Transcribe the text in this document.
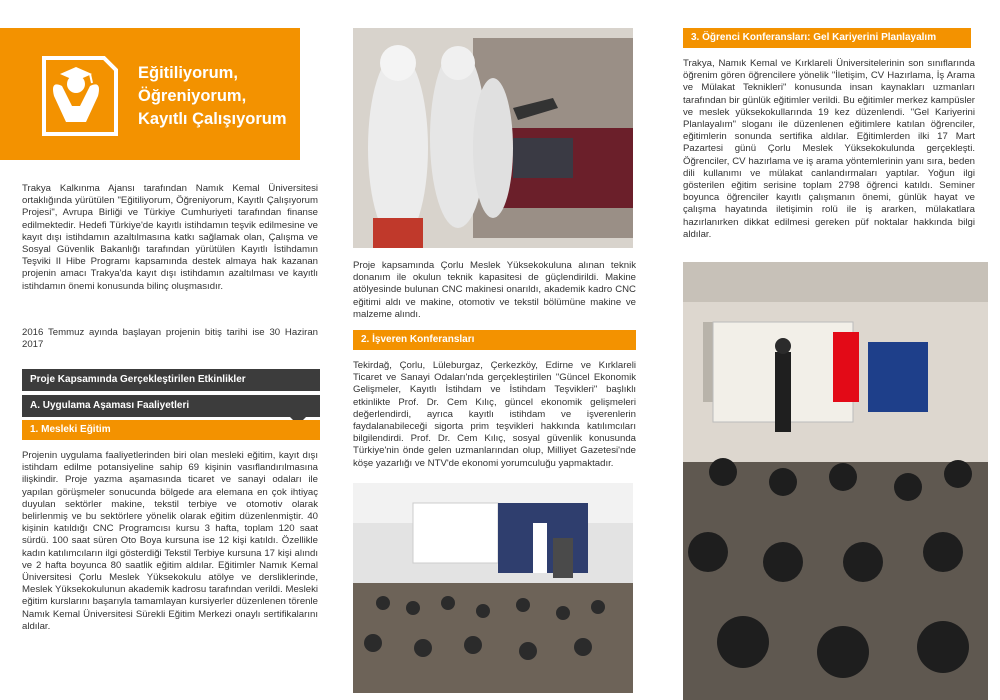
Eğitiliyorum,
Öğreniyorum,
Kayıtlı Çalışıyorum

Trakya Kalkınma Ajansı tarafından Namık Kemal Üniversitesi ortaklığında yürütülen "Eğitiliyorum, Öğreniyorum, Kayıtlı Çalışıyorum Projesi", Avrupa Birliği ve Türkiye Cumhuriyeti tarafından finanse edilmektedir. Hedefi Türkiye'de kayıtlı istihdamın teşvik edilmesine ve kayıt dışı istihdamın azaltılmasına katkı sağlamak olan, Çalışma ve Sosyal Güvenlik Bakanlığı tarafından yürütülen Kayıtlı İstihdamın Teşviki II Hibe Programı kapsamında destek almaya hak kazanan projenin amacı Trakya'da kayıt dışı istihdamın azaltılması ve kayıtlı istihdamın önemi konusunda bilinç oluşmasıdır.

2016 Temmuz ayında başlayan projenin bitiş tarihi ise 30 Haziran 2017

Proje Kapsamında Gerçekleştirilen Etkinlikler
A. Uygulama Aşaması Faaliyetleri
1. Mesleki Eğitim

Projenin uygulama faaliyetlerinden biri olan mesleki eğitim, kayıt dışı istihdam edilme potansiyeline sahip 69 kişinin vasıflandırılmasına ilişkindir. Proje yazma aşamasında ticaret ve sanayi odaları ile yapılan görüşmeler sonucunda bölgede ara elemana en çok ihtiyaç duyulan sektörler makine, tekstil terbiye ve otomotiv olarak belirlenmiş ve bu sektörlere yönelik olarak eğitim düzenlenmiştir. 40 kişinin katıldığı CNC Programcısı kursu 3 hafta, toplam 120 saat sürdü. 100 saat süren Oto Boya kursuna ise 12 kişi katıldı. Özellikle kadın katılımcıların ilgi gösterdiği Tekstil Terbiye kursuna 17 kişi alındı ve 2 hafta boyunca 80 saatlik eğitim aldılar. Eğitimler Namık Kemal Üniversitesi Çorlu Meslek Yüksekokulu atölye ve dersliklerinde, Meslek Yüksekokulunun akademik kadrosu tarafından verildi. Mesleki eğitim kurslarını başarıyla tamamlayan kursiyerler düzenlenen törenle Namık Kemal Üniversitesi Sürekli Eğitim Merkezi onaylı sertifikalarını aldılar.

Proje kapsamında Çorlu Meslek Yüksekokuluna alınan teknik donanım ile okulun teknik kapasitesi de güçlendirildi. Makine atölyesinde bulunan CNC makinesi onarıldı, akademik kadro CNC eğitimi aldı ve makine, otomotiv ve tekstil bölümüne makine ve malzeme alındı.

2. İşveren Konferansları

Tekirdağ, Çorlu, Lüleburgaz, Çerkezköy, Edirne ve Kırklareli Ticaret ve Sanayi Odaları'nda gerçekleştirilen "Güncel Ekonomik Gelişmeler, Kayıtlı İstihdam ve İstihdam Teşvikleri" başlıklı etkinlikte Prof. Dr. Cem Kılıç, güncel ekonomik gelişmeleri değerlendirdi, ayrıca kayıtlı istihdam ve işverenlerin faydalanabileceği sigorta prim teşvikleri hakkında katılımcıları bilgilendirdi. Prof. Dr. Cem Kılıç, sosyal güvenlik konusunda Türkiye'nin önde gelen uzmanlarından olup, Milliyet Gazetesi'nde köşe yazarlığı ve NTV'de ekonomi yorumculuğu yapmaktadır.

3. Öğrenci Konferansları: Gel Kariyerini Planlayalım

Trakya, Namık Kemal ve Kırklareli Üniversitelerinin son sınıflarında öğrenim gören öğrencilere yönelik "İletişim, CV Hazırlama, İş Arama ve Mülakat Teknikleri" konusunda insan kaynakları uzmanları tarafından bir günlük eğitimler verildi. Bu eğitimler merkez kampüsler ve meslek yüksekokullarında 19 kez düzenlendi. "Gel Kariyerini Planlayalım" sloganı ile düzenlenen eğitimlere katılan öğrenciler, eğitimlerin sonunda sertifika aldılar. Eğitimlerden ilki 17 Mart Pazartesi günü Çorlu Meslek Yüksekokulunda gerçekleşti. Öğrenciler, CV hazırlama ve iş arama yöntemlerinin yanı sıra, beden dili kullanımı ve mülakat canlandırmaları yaptılar. Yoğun ilgi gösterilen eğitim serisine toplam 2798 öğrenci katıldı. Seminer boyunca öğrenciler kayıtlı çalışmanın önemi, günlük hayat ve çalışma hayatında iletişimin rolü ile iş ararken, mülakatlara hazırlanırken dikkat edilmesi gereken püf noktalar hakkında bilgi aldılar.
